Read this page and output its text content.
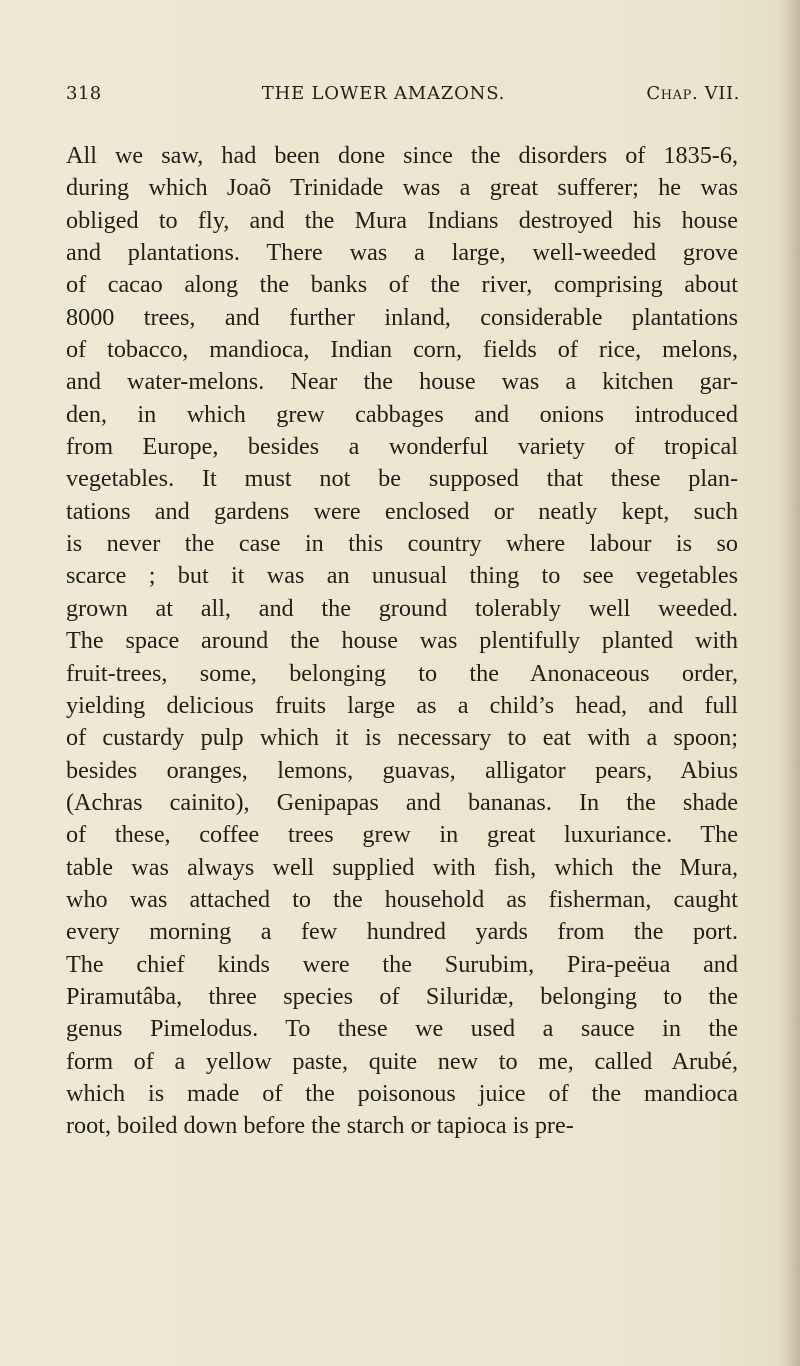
318	THE LOWER AMAZONS.	Chap. VII.
All we saw, had been done since the disorders of 1835-6,
during which Joaõ Trinidade was a great sufferer; he was
obliged to fly, and the Mura Indians destroyed his house
and plantations. There was a large, well-weeded grove
of cacao along the banks of the river, comprising about
8000 trees, and further inland, considerable plantations
of tobacco, mandioca, Indian corn, fields of rice, melons,
and water-melons. Near the house was a kitchen gar-
den, in which grew cabbages and onions introduced
from Europe, besides a wonderful variety of tropical
vegetables. It must not be supposed that these plan-
tations and gardens were enclosed or neatly kept, such
is never the case in this country where labour is so
scarce ; but it was an unusual thing to see vegetables
grown at all, and the ground tolerably well weeded.
The space around the house was plentifully planted with
fruit-trees, some, belonging to the Anonaceous order,
yielding delicious fruits large as a child’s head, and full
of custardy pulp which it is necessary to eat with a spoon;
besides oranges, lemons, guavas, alligator pears, Abius
(Achras cainito), Genipapas and bananas. In the shade
of these, coffee trees grew in great luxuriance. The
table was always well supplied with fish, which the Mura,
who was attached to the household as fisherman, caught
every morning a few hundred yards from the port.
The chief kinds were the Surubim, Pira-peëua and
Piramutâba, three species of Siluridæ, belonging to the
genus Pimelodus. To these we used a sauce in the
form of a yellow paste, quite new to me, called Arubé,
which is made of the poisonous juice of the mandioca
root, boiled down before the starch or tapioca is pre-
